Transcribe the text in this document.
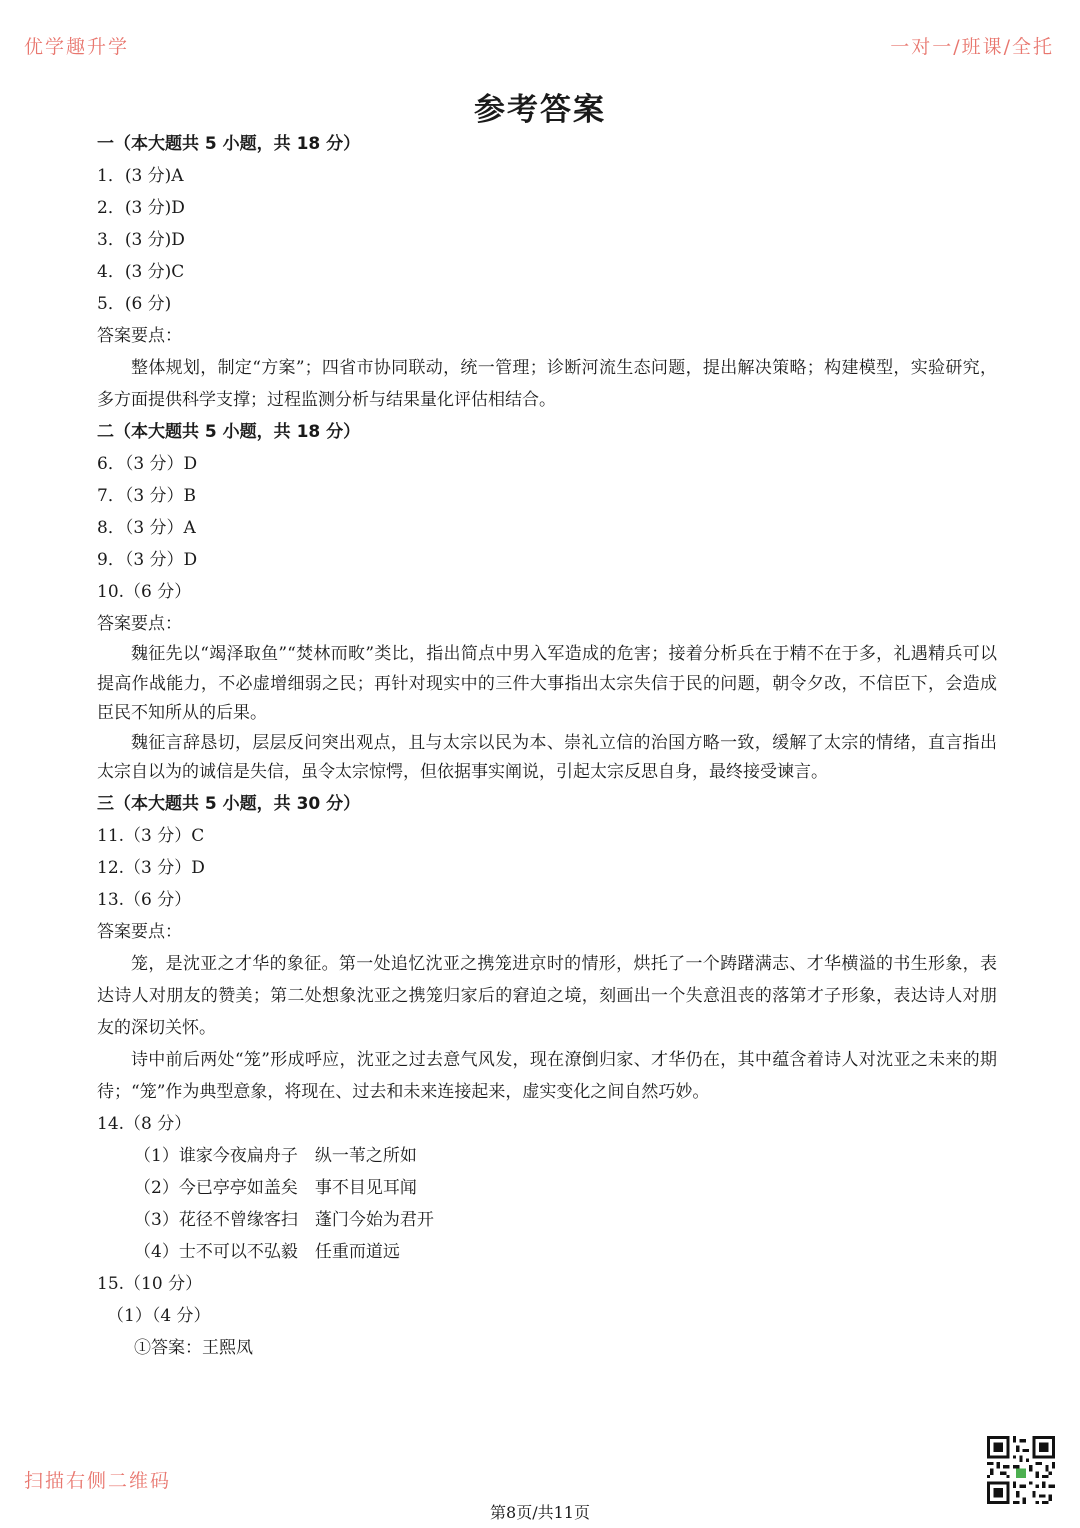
优学趣升学	一对一/班课/全托
参考答案
一（本大题共 5 小题，共 18 分）
1．(3 分)A
2．(3 分)D
3．(3 分)D
4．(3 分)C
5．(6 分)
答案要点：
整体规划，制定“方案”；四省市协同联动，统一管理；诊断河流生态问题，提出解决策略；构建模型，实验研究，多方面提供科学支撑；过程监测分析与结果量化评估相结合。
二（本大题共 5 小题，共 18 分）
6．（3 分）D
7．（3 分）B
8．（3 分）A
9．（3 分）D
10.（6 分）
答案要点：
魏征先以“竭泽取鱼”“焚林而畋”类比，指出简点中男入军造成的危害；接着分析兵在于精不在于多，礼遇精兵可以提高作战能力，不必虚增细弱之民；再针对现实中的三件大事指出太宗失信于民的问题，朝令夕改，不信臣下，会造成臣民不知所从的后果。
魏征言辞恳切，层层反问突出观点，且与太宗以民为本、崇礼立信的治国方略一致，缓解了太宗的情绪，直言指出太宗自以为的诚信是失信，虽令太宗惊愕，但依据事实阐说，引起太宗反思自身，最终接受谏言。
三（本大题共 5 小题，共 30 分）
11.（3 分）C
12.（3 分）D
13.（6 分）
答案要点：
笼，是沈亚之才华的象征。第一处追忆沈亚之携笼进京时的情形，烘托了一个踌躇满志、才华横溢的书生形象，表达诗人对朋友的赞美；第二处想象沈亚之携笼归家后的窘迫之境，刻画出一个失意沮丧的落第才子形象，表达诗人对朋友的深切关怀。
诗中前后两处“笼”形成呼应，沈亚之过去意气风发，现在潦倒归家、才华仍在，其中蕴含着诗人对沈亚之未来的期待；“笼”作为典型意象，将现在、过去和未来连接起来，虚实变化之间自然巧妙。
14.（8 分）
（1）谁家今夜扁舟子　纵一苇之所如
（2）今已亭亭如盖矣　事不目见耳闻
（3）花径不曾缘客扫　蓬门今始为君开
（4）士不可以不弘毅　任重而道远
15.（10 分）
（1）（4 分）
①答案：王熙凤
扫描右侧二维码
第8页/共11页
